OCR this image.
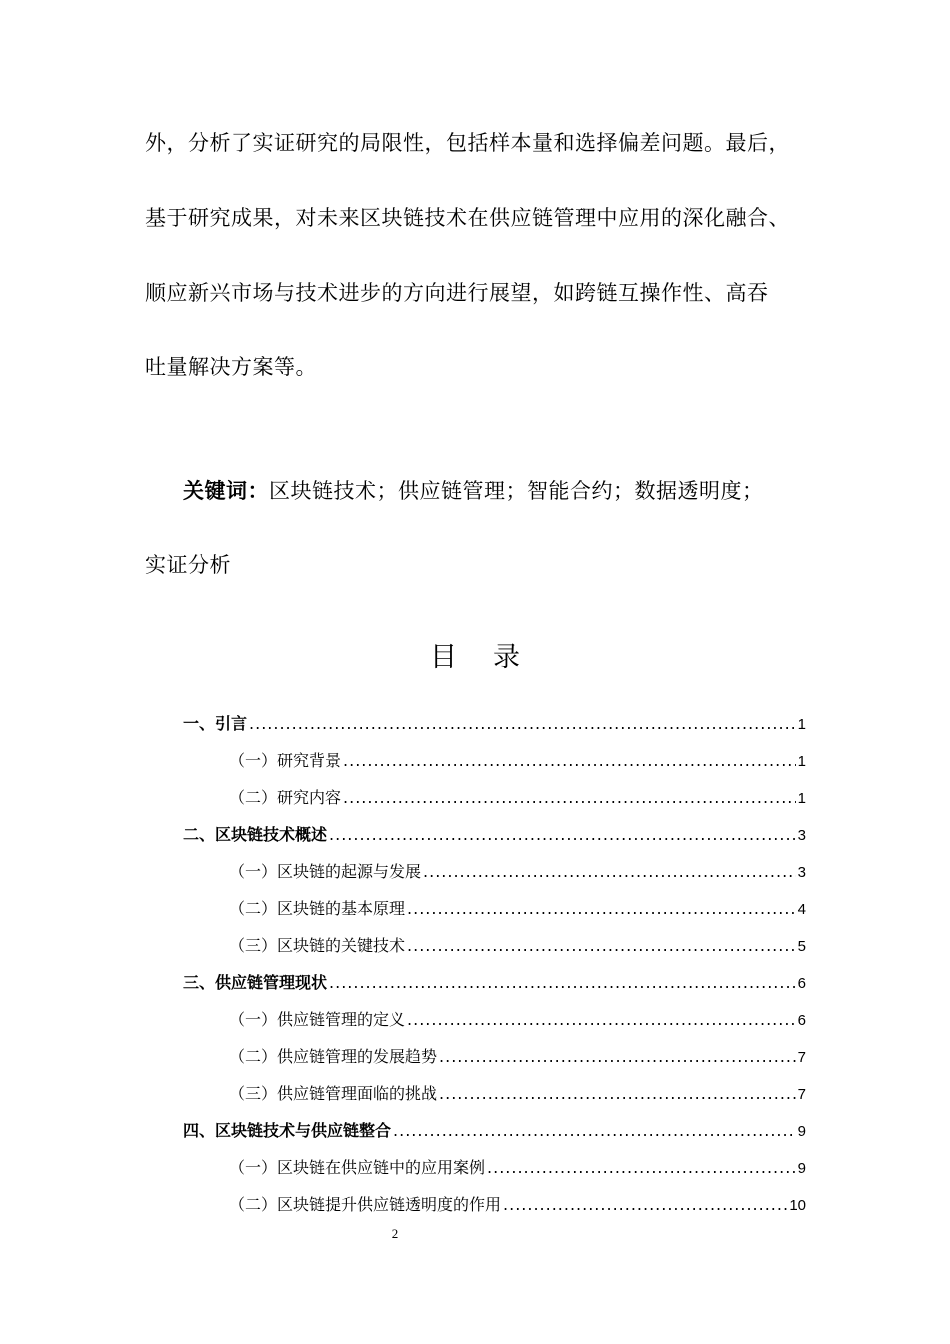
外，分析了实证研究的局限性，包括样本量和选择偏差问题。最后，
基于研究成果，对未来区块链技术在供应链管理中应用的深化融合、
顺应新兴市场与技术进步的方向进行展望，如跨链互操作性、高吞
吐量解决方案等。
关键词：区块链技术；供应链管理；智能合约；数据透明度；
实证分析
目录
一、引言 .....	1
（一）研究背景 .....	1
（二）研究内容 .....	1
二、区块链技术概述 .....	3
（一）区块链的起源与发展 .....	3
（二）区块链的基本原理 .....	4
（三）区块链的关键技术 .....	5
三、供应链管理现状 .....	6
（一）供应链管理的定义 .....	6
（二）供应链管理的发展趋势 .....	7
（三）供应链管理面临的挑战 .....	7
四、区块链技术与供应链整合 .....	9
（一）区块链在供应链中的应用案例 .....	9
（二）区块链提升供应链透明度的作用 .....	10
2
